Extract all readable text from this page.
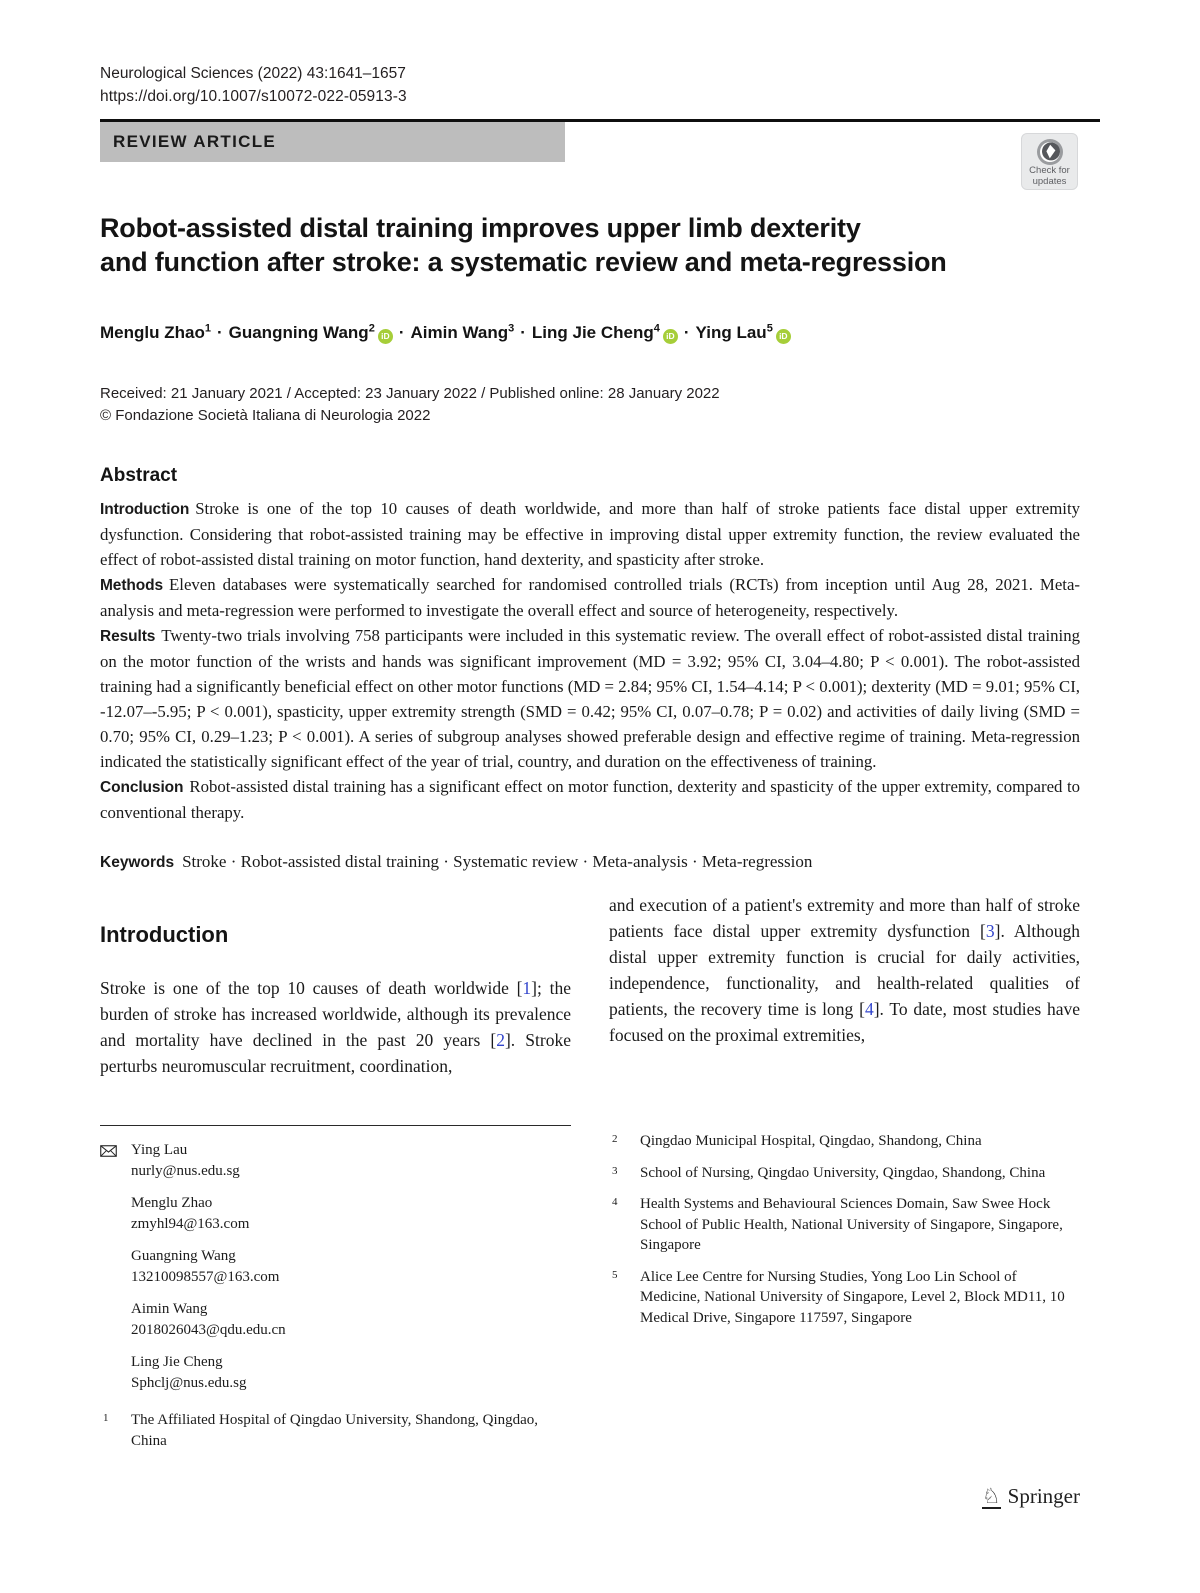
Neurological Sciences (2022) 43:1641–1657
https://doi.org/10.1007/s10072-022-05913-3
REVIEW ARTICLE
Robot-assisted distal training improves upper limb dexterity
and function after stroke: a systematic review and meta-regression
Menglu Zhao$^1$ · Guangning Wang$^2$iD · Aimin Wang$^3$ · Ling Jie Cheng$^4$iD · Ying Lau$^5$iD
Received: 21 January 2021 / Accepted: 23 January 2022 / Published online: 28 January 2022
© Fondazione Società Italiana di Neurologia 2022
Abstract

Introduction Stroke is one of the top 10 causes of death worldwide, and more than half of stroke patients face distal upper extremity dysfunction. Considering that robot-assisted training may be effective in improving distal upper extremity function, the review evaluated the effect of robot-assisted distal training on motor function, hand dexterity, and spasticity after stroke.

Methods Eleven databases were systematically searched for randomised controlled trials (RCTs) from inception until Aug 28, 2021. Meta-analysis and meta-regression were performed to investigate the overall effect and source of heterogeneity, respectively.

Results Twenty-two trials involving 758 participants were included in this systematic review. The overall effect of robot-assisted distal training on the motor function of the wrists and hands was significant improvement (MD = 3.92; 95% CI, 3.04–4.80; P < 0.001). The robot-assisted training had a significantly beneficial effect on other motor functions (MD = 2.84; 95% CI, 1.54–4.14; P < 0.001); dexterity (MD = 9.01; 95% CI, -12.07–-5.95; P < 0.001), spasticity, upper extremity strength (SMD = 0.42; 95% CI, 0.07–0.78; P = 0.02) and activities of daily living (SMD = 0.70; 95% CI, 0.29–1.23; P < 0.001). A series of subgroup analyses showed preferable design and effective regime of training. Meta-regression indicated the statistically significant effect of the year of trial, country, and duration on the effectiveness of training.

Conclusion Robot-assisted distal training has a significant effect on motor function, dexterity and spasticity of the upper extremity, compared to conventional therapy.

Keywords Stroke · Robot-assisted distal training · Systematic review · Meta-analysis · Meta-regression
Introduction

Stroke is one of the top 10 causes of death worldwide [1]; the burden of stroke has increased worldwide, although its prevalence and mortality have declined in the past 20 years [2]. Stroke perturbs neuromuscular recruitment, coordination,

and execution of a patient's extremity and more than half of stroke patients face distal upper extremity dysfunction [3]. Although distal upper extremity function is crucial for daily activities, independence, functionality, and health-related qualities of patients, the recovery time is long [4]. To date, most studies have focused on the proximal extremities,

Check for
updates
Ying Lau
nurly@nus.edu.sg
Menglu Zhao
zmyhl94@163.com
Guangning Wang
13210098557@163.com
Aimin Wang
2018026043@qdu.edu.cn
Ling Jie Cheng
Sphclj@nus.edu.sg
1	The Affiliated Hospital of Qingdao University, Shandong, Qingdao, China
2	Qingdao Municipal Hospital, Qingdao, Shandong, China
3	School of Nursing, Qingdao University, Qingdao, Shandong, China
4	Health Systems and Behavioural Sciences Domain, Saw Swee Hock School of Public Health, National University of Singapore, Singapore, Singapore
5	Alice Lee Centre for Nursing Studies, Yong Loo Lin School of Medicine, National University of Singapore, Level 2, Block MD11, 10 Medical Drive, Singapore 117597, Singapore
♘ Springer
